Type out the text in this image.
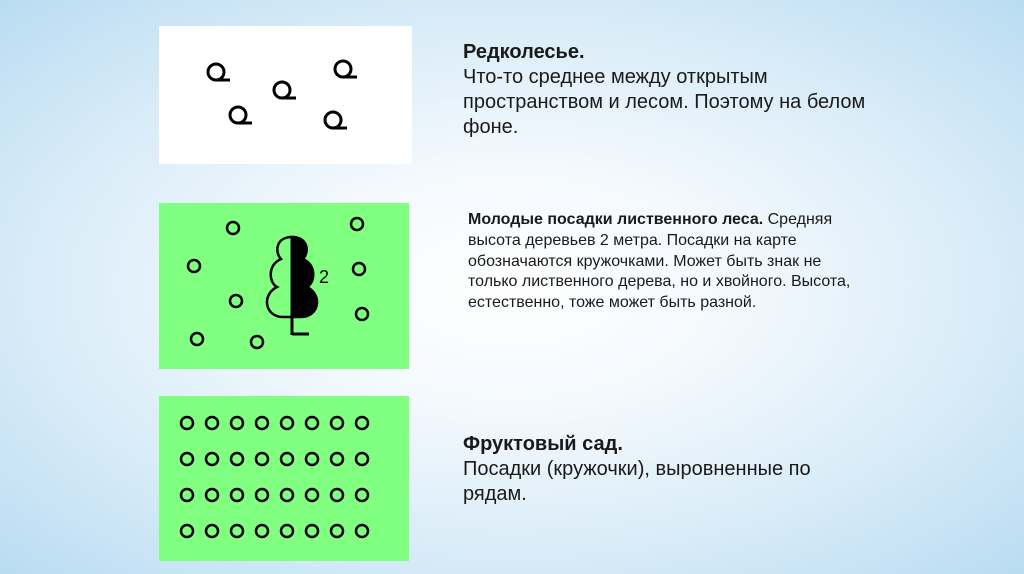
Редколесье.
Что-то среднее между открытым пространством и лесом. Поэтому на белом фоне.
2
Молодые посадки лиственного леса. Средняя высота деревьев 2 метра. Посадки на карте обозначаются кружочками. Может быть знак не только лиственного дерева, но и хвойного. Высота, естественно, тоже может быть разной.
Фруктовый сад.
Посадки (кружочки), выровненные по рядам.
